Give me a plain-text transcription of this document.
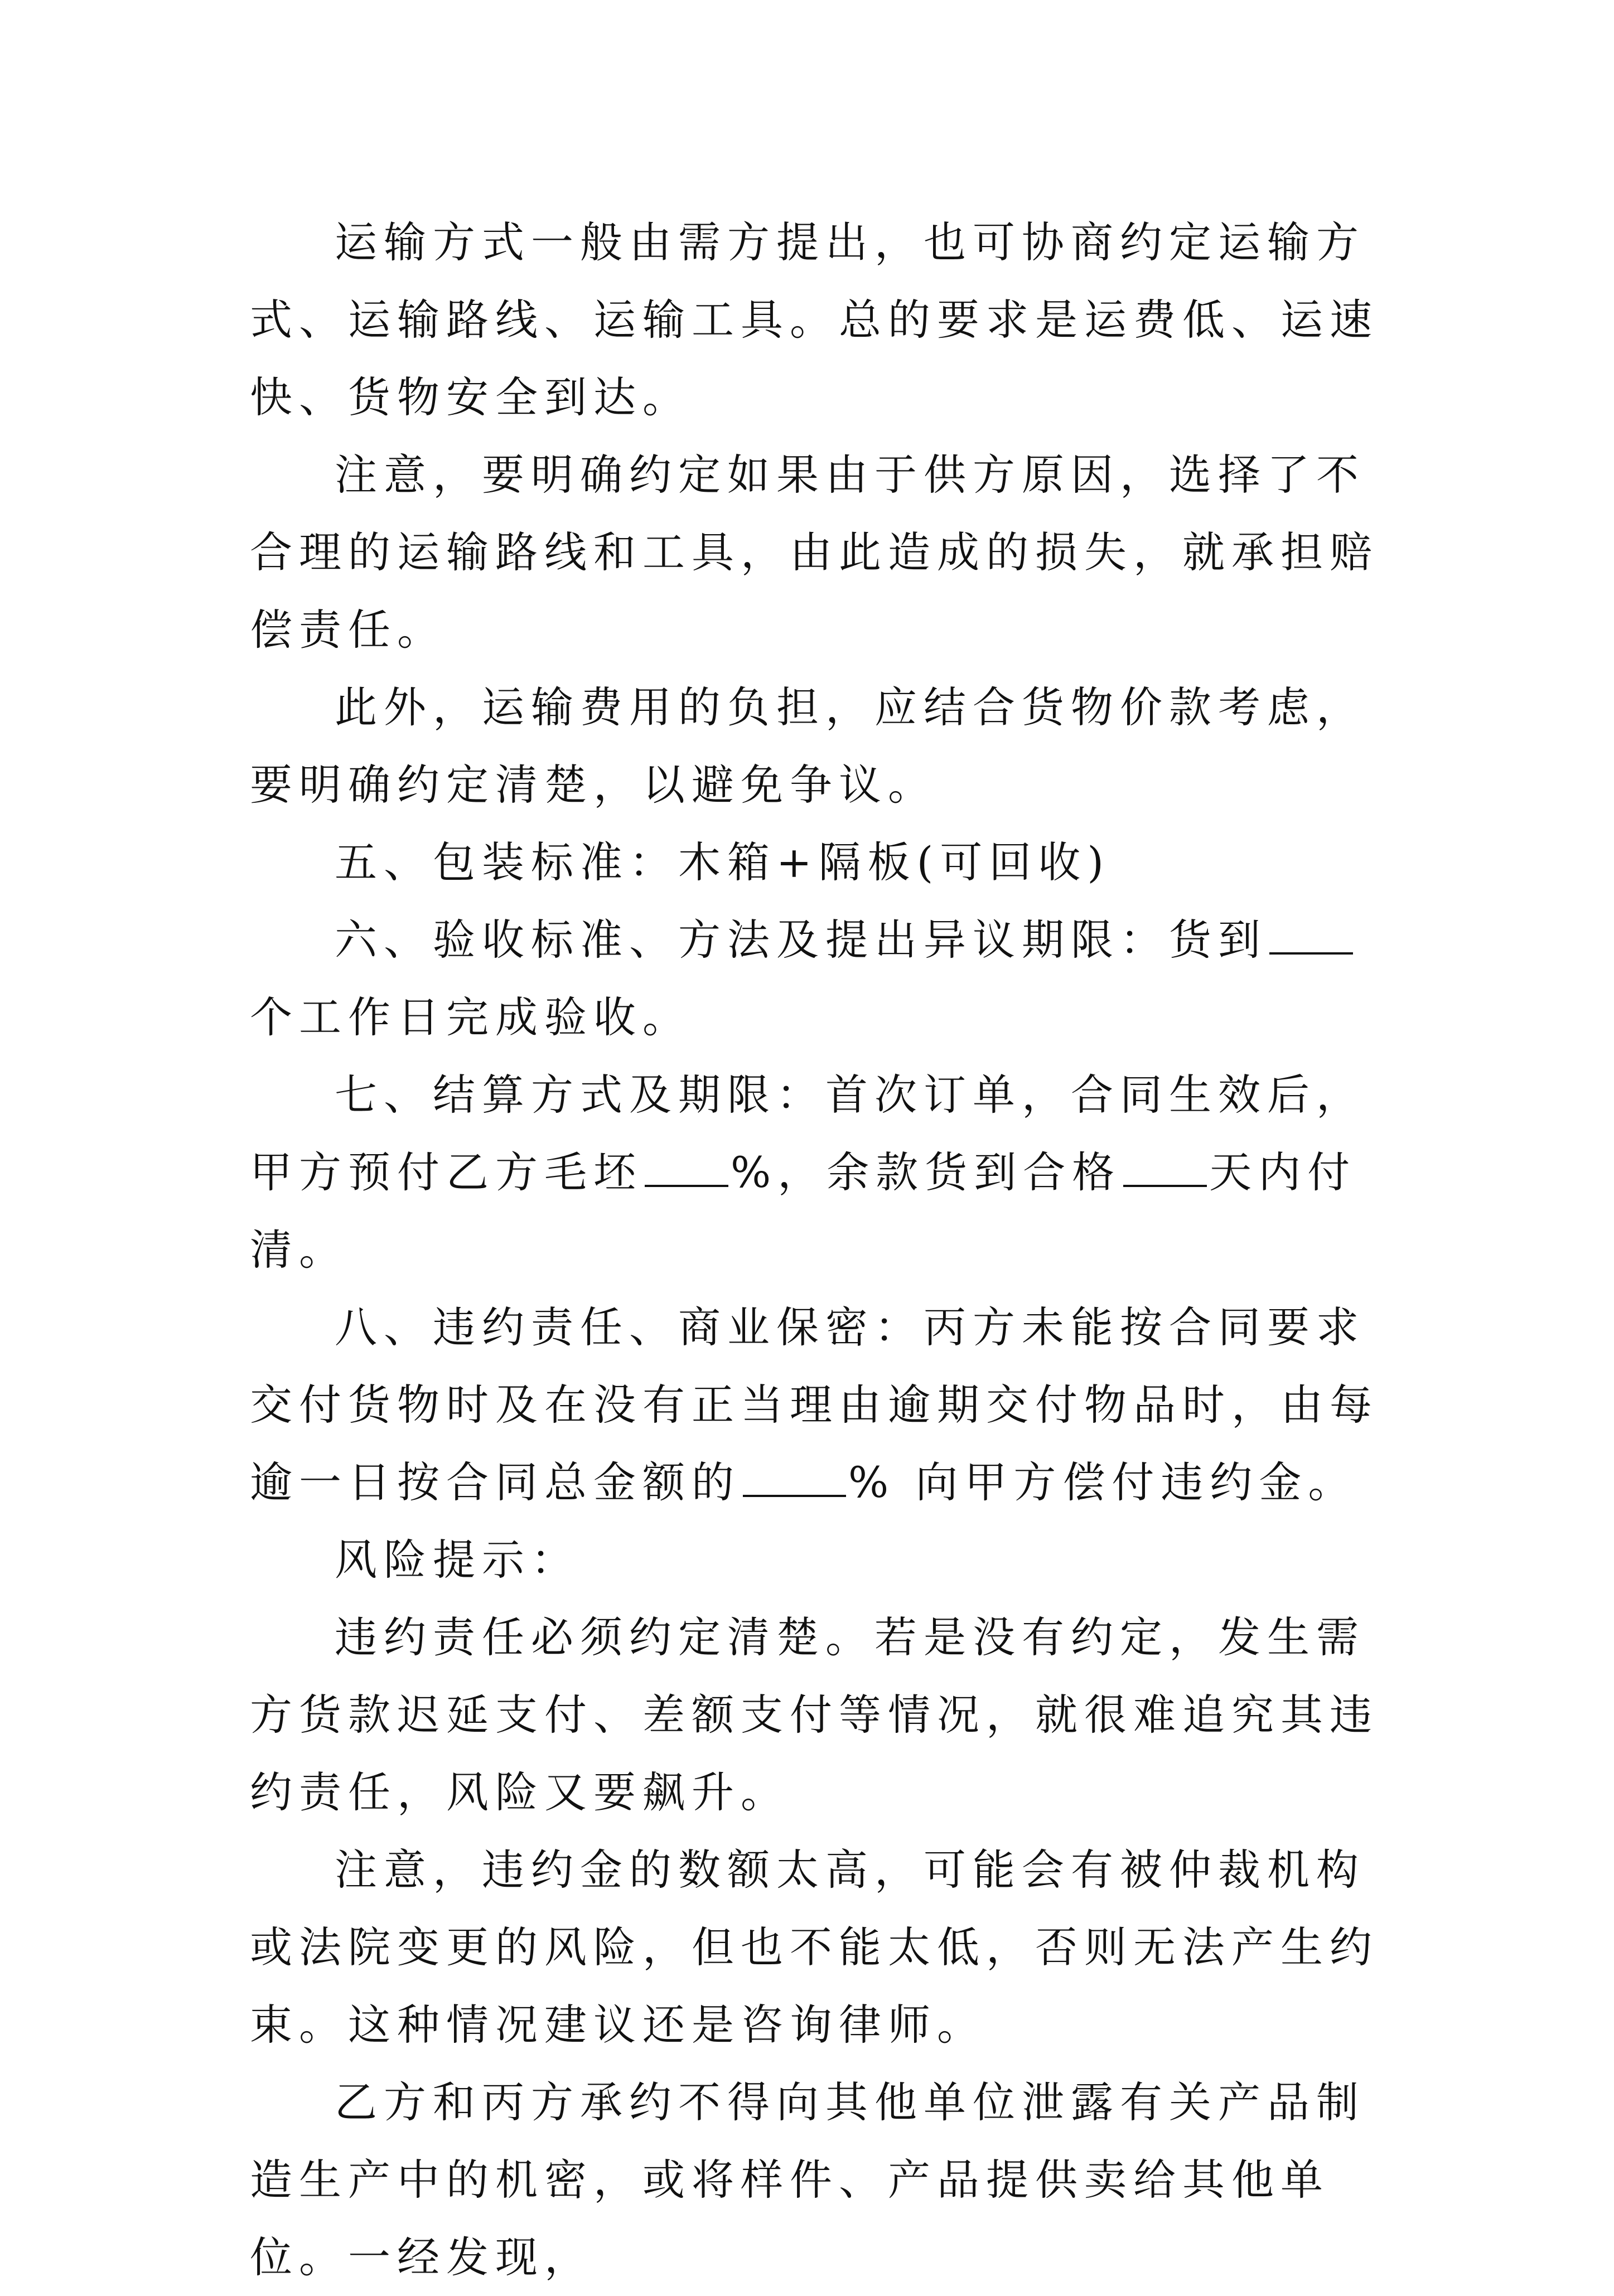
运输方式一般由需方提出，也可协商约定运输方式、运输路线、运输工具。总的要求是运费低、运速快、货物安全到达。

注意，要明确约定如果由于供方原因，选择了不合理的运输路线和工具，由此造成的损失，就承担赔偿责任。

此外，运输费用的负担，应结合货物价款考虑，要明确约定清楚，以避免争议。

五、包装标准：木箱+隔板(可回收)

六、验收标准、方法及提出异议期限：货到个工作日完成验收。

七、结算方式及期限：首次订单，合同生效后，甲方预付乙方毛坯 %，余款货到合格 天内付清。

八、违约责任、商业保密：丙方未能按合同要求交付货物时及在没有正当理由逾期交付物品时，由每逾一日按合同总金额的	% 向甲方偿付违约金。

风险提示：

违约责任必须约定清楚。若是没有约定，发生需方货款迟延支付、差额支付等情况，就很难追究其违约责任，风险又要飙升。

注意，违约金的数额太高，可能会有被仲裁机构或法院变更的风险，但也不能太低，否则无法产生约束。这种情况建议还是咨询律师。

乙方和丙方承约不得向其他单位泄露有关产品制造生产中的机密，或将样件、产品提供卖给其他单位。一经发现，
